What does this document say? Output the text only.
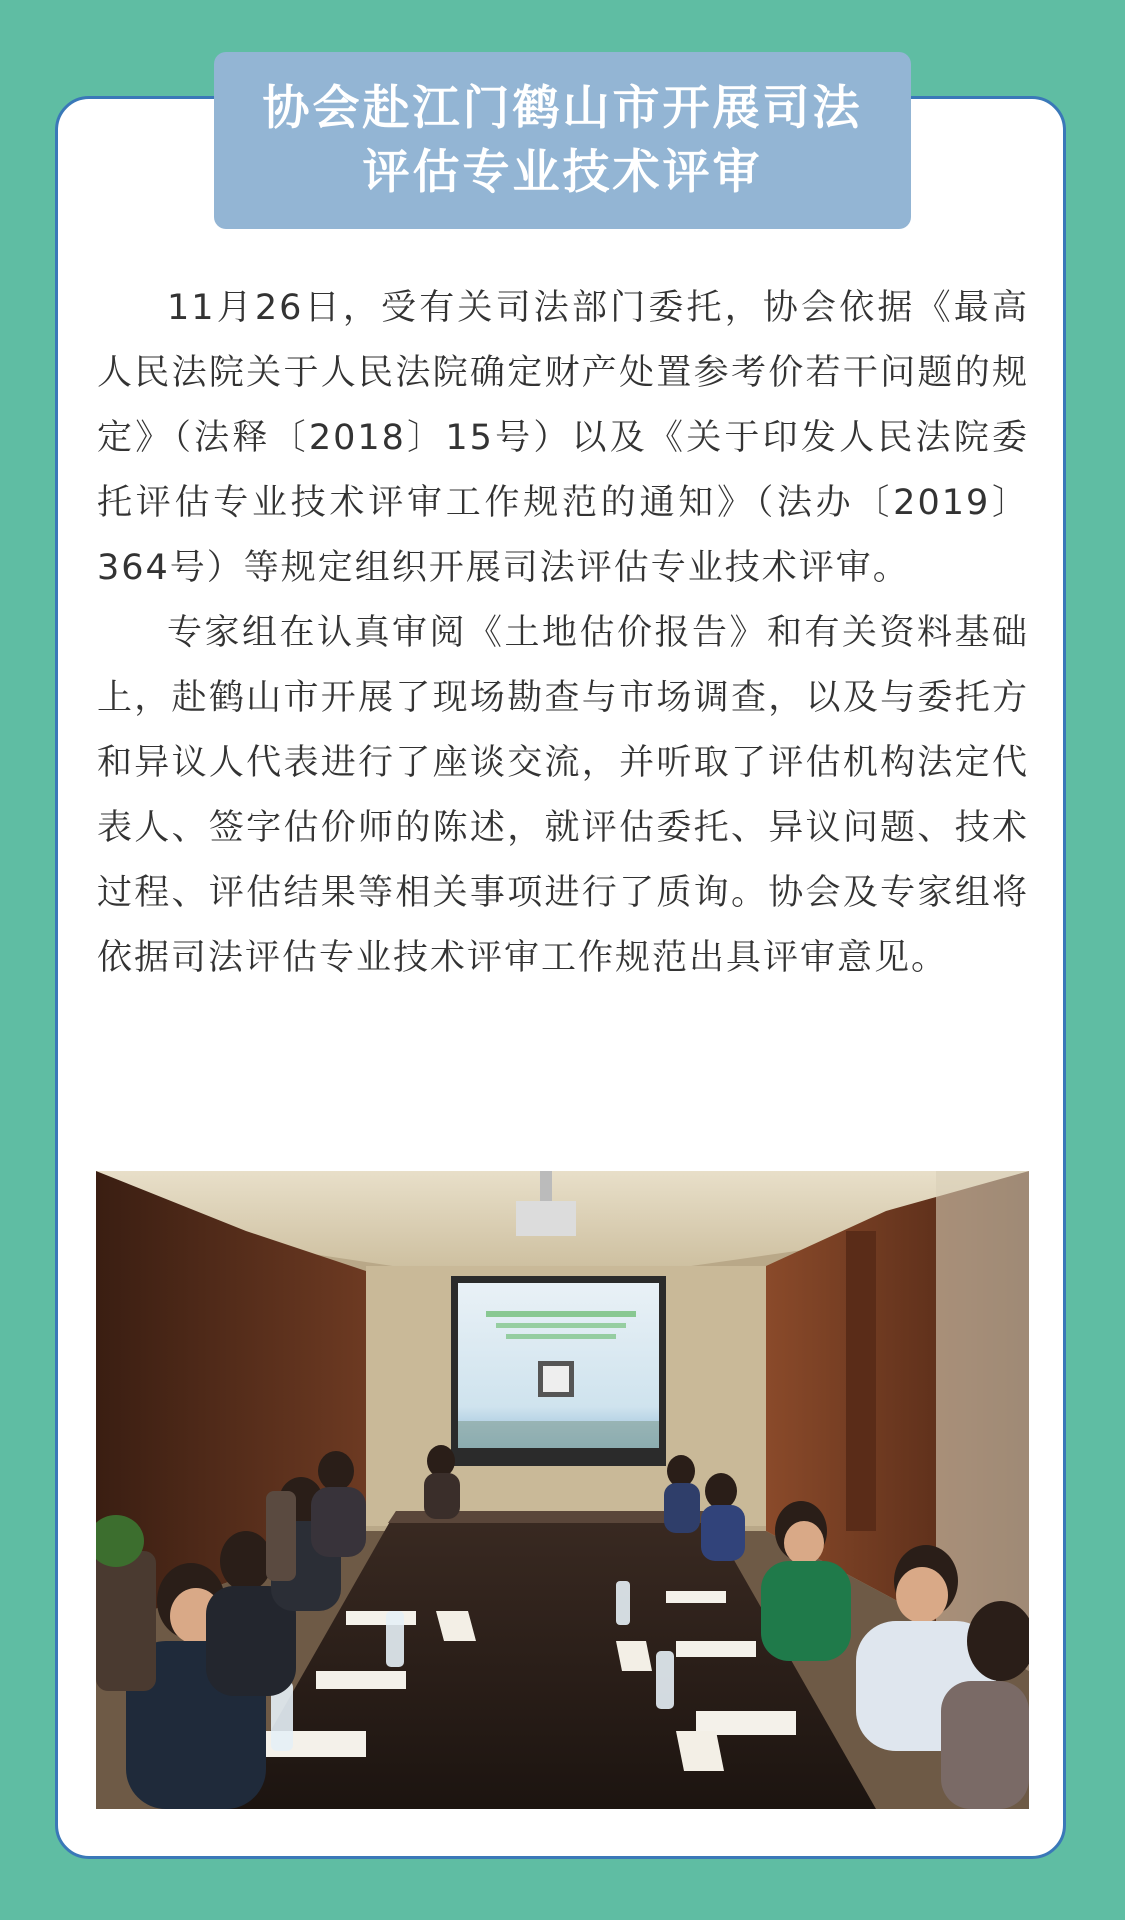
协会赴江门鹤山市开展司法
评估专业技术评审

11月26日，受有关司法部门委托，协会依据《最高人民法院关于人民法院确定财产处置参考价若干问题的规定》（法释〔2018〕15号）以及《关于印发人民法院委托评估专业技术评审工作规范的通知》（法办〔2019〕364号）等规定组织开展司法评估专业技术评审。

专家组在认真审阅《土地估价报告》和有关资料基础上，赴鹤山市开展了现场勘查与市场调查，以及与委托方和异议人代表进行了座谈交流，并听取了评估机构法定代表人、签字估价师的陈述，就评估委托、异议问题、技术过程、评估结果等相关事项进行了质询。协会及专家组将依据司法评估专业技术评审工作规范出具评审意见。
